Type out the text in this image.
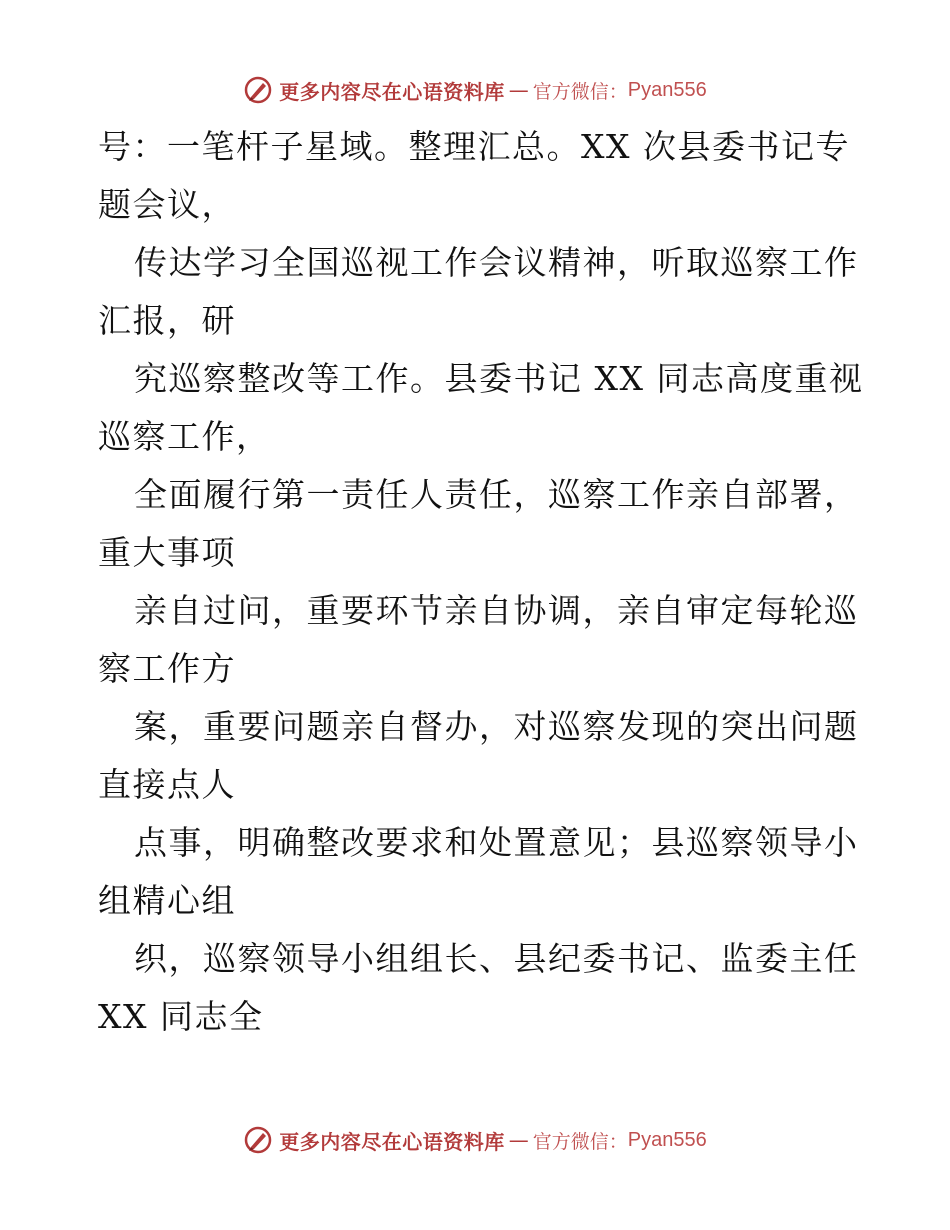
更多内容尽在心语资料库 — 官方微信： Pyan556
号：一笔杆子星域。整理汇总。XX 次县委书记专
题会议，
传达学习全国巡视工作会议精神，听取巡察工作
汇报，研
究巡察整改等工作。县委书记 XX 同志高度重视
巡察工作，
全面履行第一责任人责任，巡察工作亲自部署，
重大事项
亲自过问，重要环节亲自协调，亲自审定每轮巡
察工作方
案，重要问题亲自督办，对巡察发现的突出问题
直接点人
点事，明确整改要求和处置意见；县巡察领导小
组精心组
织，巡察领导小组组长、县纪委书记、监委主任
XX 同志全
更多内容尽在心语资料库 — 官方微信： Pyan556
